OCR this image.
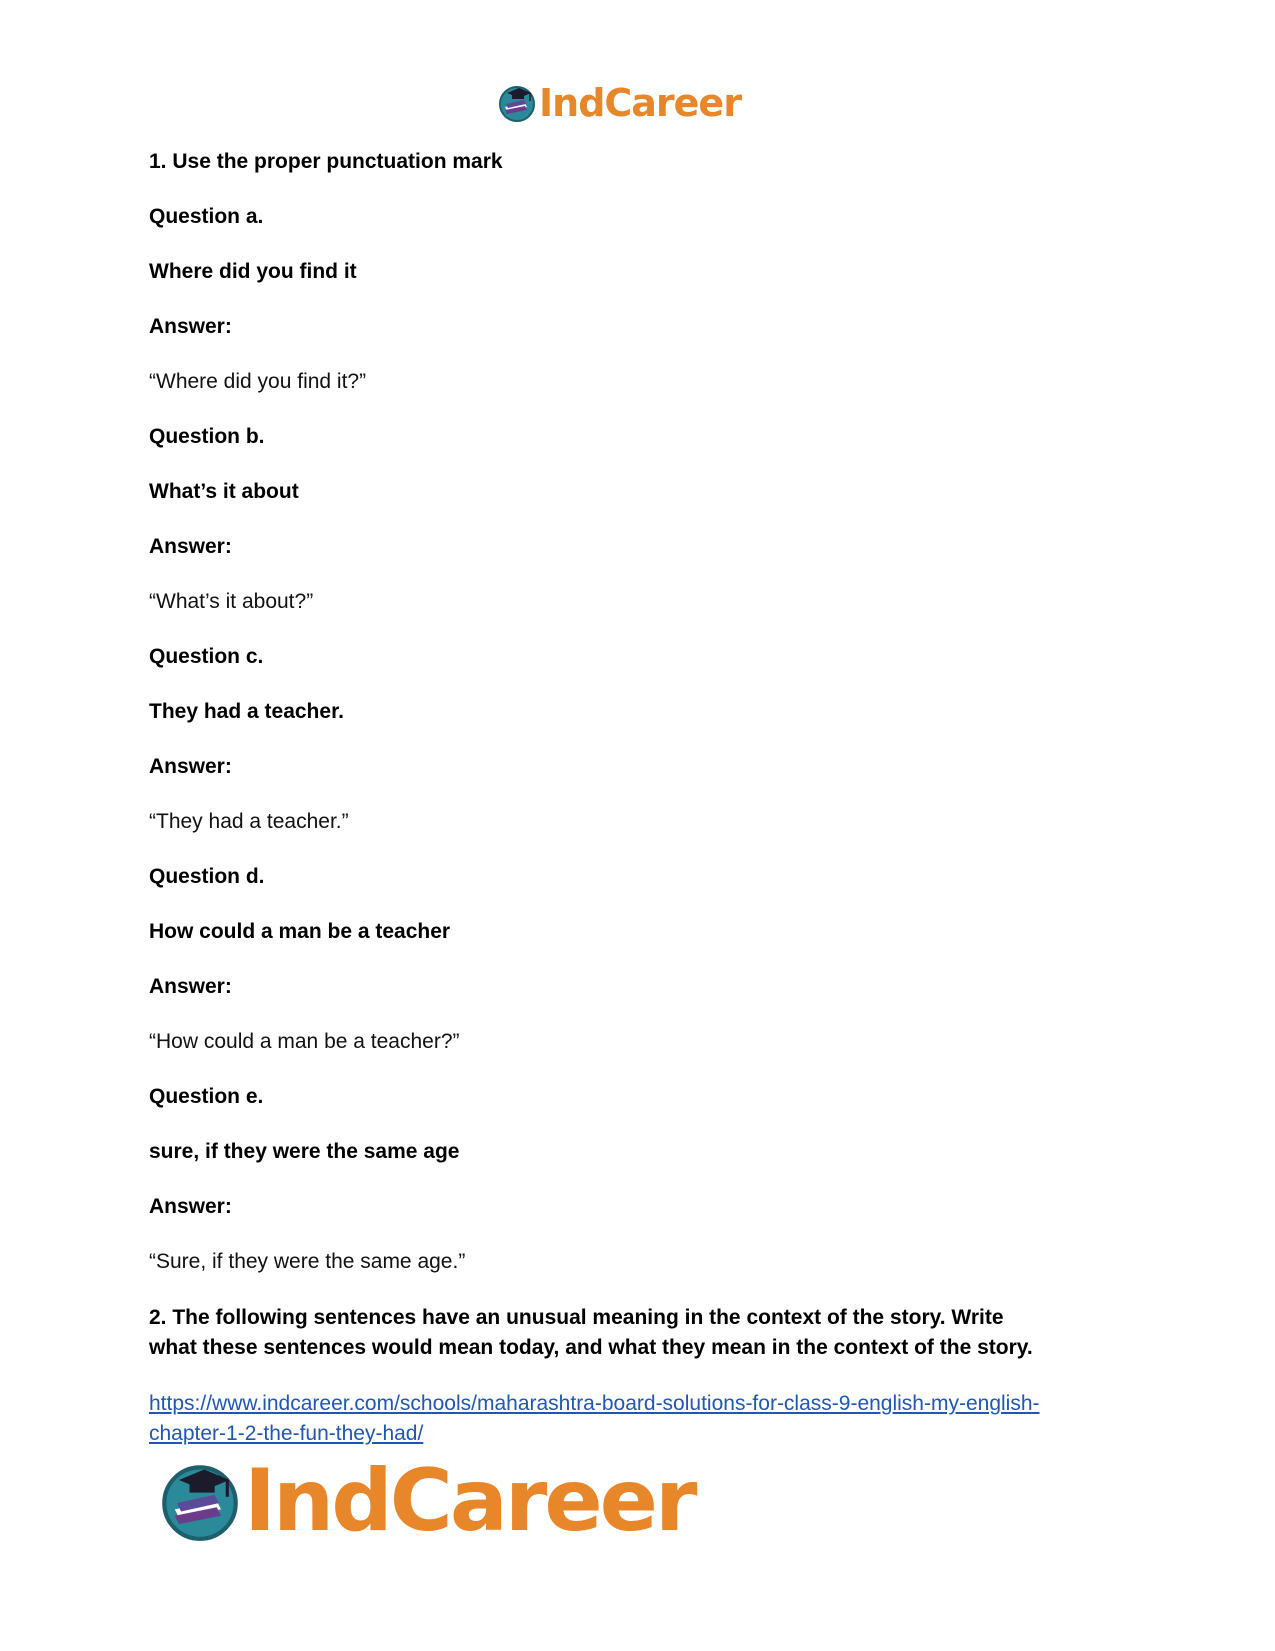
IndCareer
1. Use the proper punctuation mark
Question a.
Where did you find it
Answer:
“Where did you find it?”
Question b.
What’s it about
Answer:
“What’s it about?”
Question c.
They had a teacher.
Answer:
“They had a teacher.”
Question d.
How could a man be a teacher
Answer:
“How could a man be a teacher?”
Question e.
sure, if they were the same age
Answer:
“Sure, if they were the same age.”
2. The following sentences have an unusual meaning in the context of the story. Write
what these sentences would mean today, and what they mean in the context of the story.
https://www.indcareer.com/schools/maharashtra-board-solutions-for-class-9-english-my-english-
chapter-1-2-the-fun-they-had/
IndCareer
